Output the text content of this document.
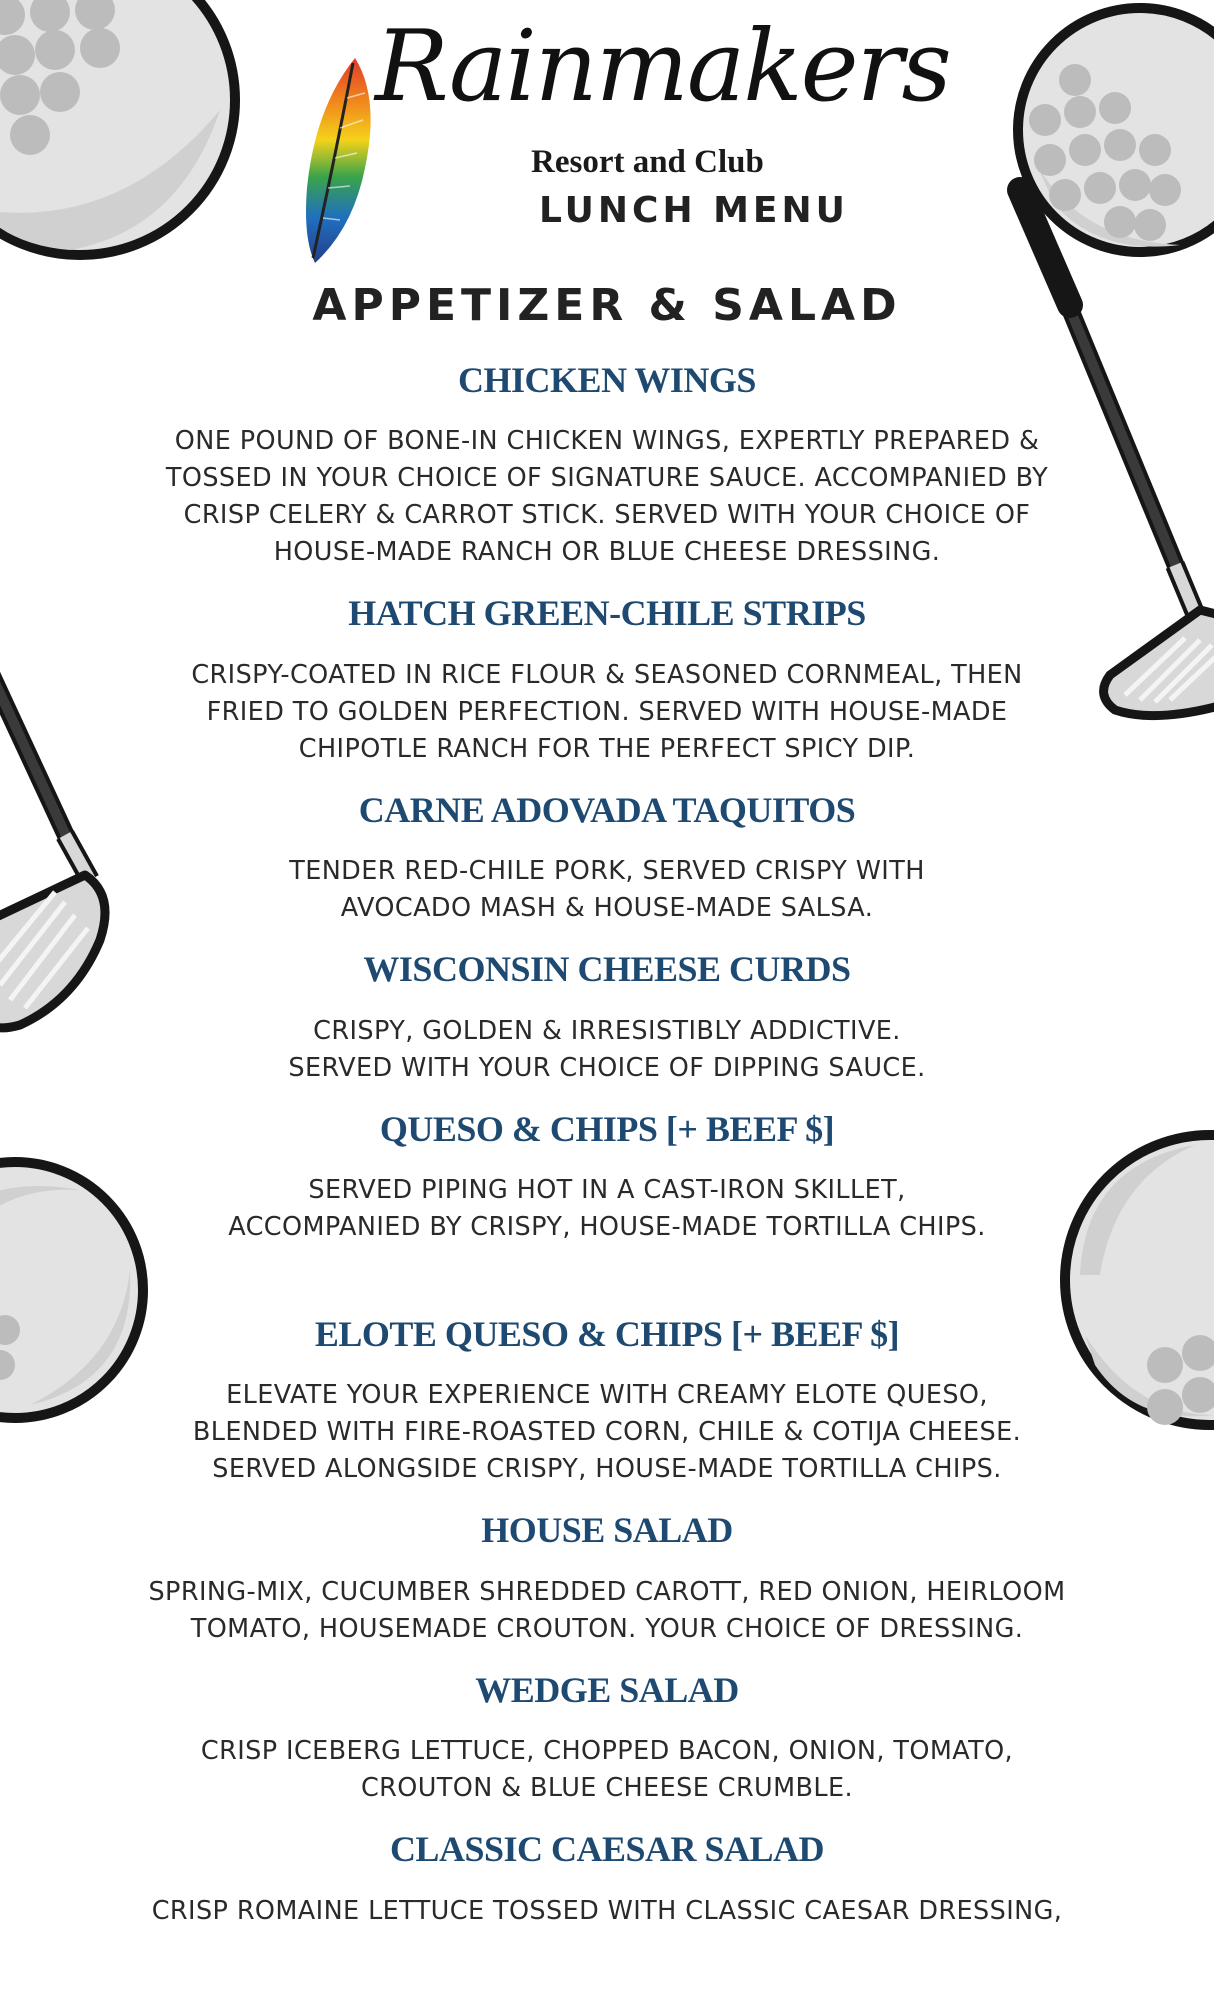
Rainmakers
Resort and Club
LUNCH MENU
APPETIZER & SALAD
CHICKEN WINGS
ONE POUND OF BONE-IN CHICKEN WINGS, EXPERTLY PREPARED &
TOSSED IN YOUR CHOICE OF SIGNATURE SAUCE. ACCOMPANIED BY
CRISP CELERY & CARROT STICK. SERVED WITH YOUR CHOICE OF
HOUSE-MADE RANCH OR BLUE CHEESE DRESSING.
HATCH GREEN-CHILE STRIPS
CRISPY-COATED IN RICE FLOUR & SEASONED CORNMEAL, THEN
FRIED TO GOLDEN PERFECTION. SERVED WITH HOUSE-MADE
CHIPOTLE RANCH FOR THE PERFECT SPICY DIP.
CARNE ADOVADA TAQUITOS
TENDER RED-CHILE PORK, SERVED CRISPY WITH
AVOCADO MASH & HOUSE-MADE SALSA.
WISCONSIN CHEESE CURDS
CRISPY, GOLDEN & IRRESISTIBLY ADDICTIVE.
SERVED WITH YOUR CHOICE OF DIPPING SAUCE.
QUESO & CHIPS [+ BEEF $]
SERVED PIPING HOT IN A CAST-IRON SKILLET,
ACCOMPANIED BY CRISPY, HOUSE-MADE TORTILLA CHIPS.
ELOTE QUESO & CHIPS [+ BEEF $]
ELEVATE YOUR EXPERIENCE WITH CREAMY ELOTE QUESO,
BLENDED WITH FIRE-ROASTED CORN, CHILE & COTIJA CHEESE.
SERVED ALONGSIDE CRISPY, HOUSE-MADE TORTILLA CHIPS.
HOUSE SALAD
SPRING-MIX, CUCUMBER SHREDDED CAROTT, RED ONION, HEIRLOOM
TOMATO, HOUSEMADE CROUTON. YOUR CHOICE OF DRESSING.
WEDGE SALAD
CRISP ICEBERG LETTUCE, CHOPPED BACON, ONION, TOMATO,
CROUTON & BLUE CHEESE CRUMBLE.
CLASSIC CAESAR SALAD
CRISP ROMAINE LETTUCE TOSSED WITH CLASSIC CAESAR DRESSING,
